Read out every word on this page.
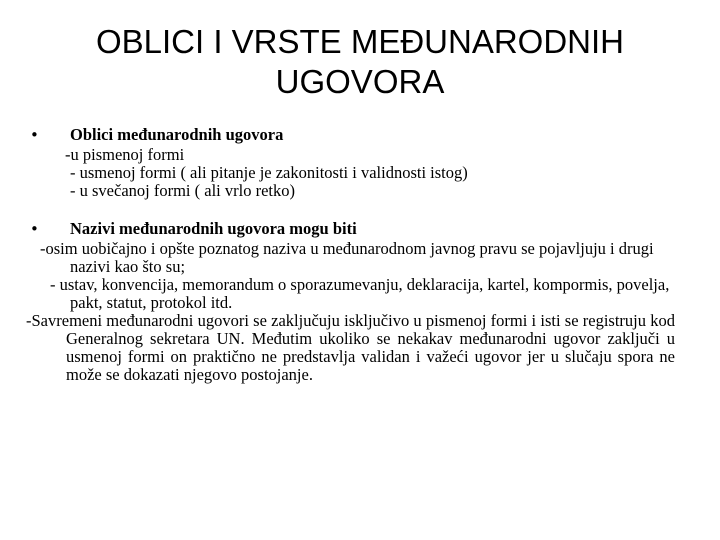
OBLICI I VRSTE MEĐUNARODNIH UGOVORA
• Oblici međunarodnih ugovora
-u pismenoj formi
- usmenoj formi ( ali pitanje je zakonitosti i validnosti istog)
- u svečanoj formi ( ali vrlo retko)
• Nazivi međunarodnih ugovora mogu biti
-osim uobičajno i opšte poznatog naziva u međunarodnom javnog pravu se pojavljuju i drugi nazivi kao što su;
- ustav, konvencija, memorandum o sporazumevanju, deklaracija, kartel, kompormis, povelja, pakt, statut, protokol itd.
-Savremeni međunarodni ugovori se zaključuju isključivo u pismenoj formi i isti se registruju kod Generalnog sekretara UN. Međutim ukoliko se nekakav međunarodni ugovor zaključi u usmenoj formi on praktično ne predstavlja validan i važeći ugovor jer u slučaju spora ne može se dokazati njegovo postojanje.
